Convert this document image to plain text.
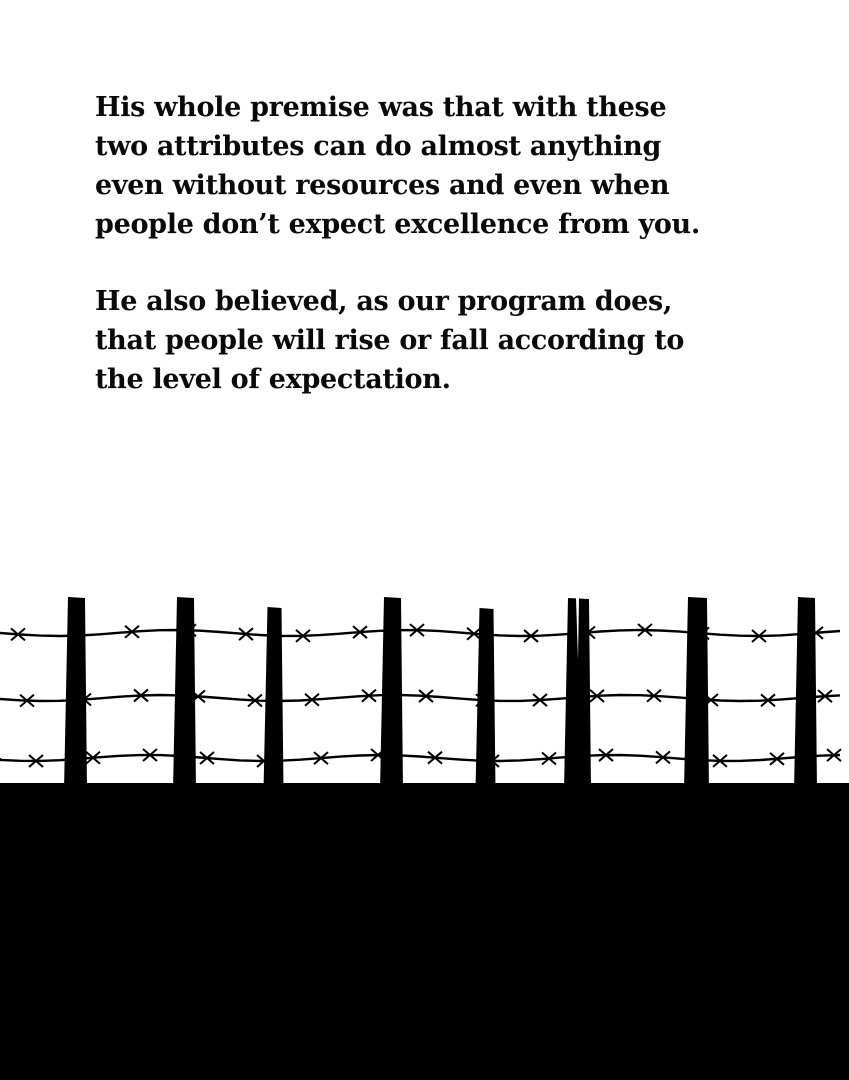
His whole premise was that with these
two attributes can do almost anything
even without resources and even when
people don’t expect excellence from you.

He also believed, as our program does,
that people will rise or fall according to
the level of expectation.
